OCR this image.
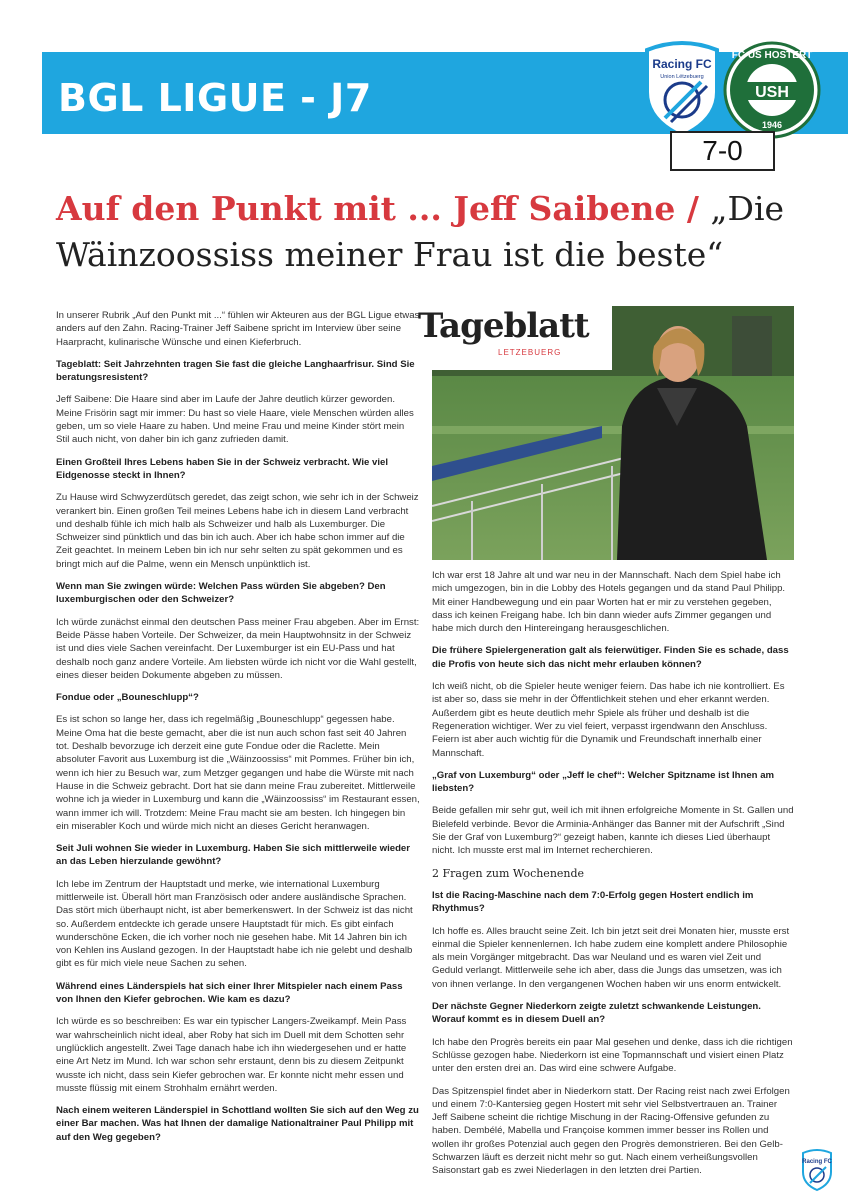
BGL LIGUE - J7
Racing FC
Union Lëtzebuerg
FC US HOSTERT
USH
1946
7-0
Auf den Punkt mit ... Jeff Saibene / „Die Wäinzoossiss meiner Frau ist die beste“
Tageblatt
LETZEBUERG

In unserer Rubrik „Auf den Punkt mit ...“ fühlen wir Akteuren aus der BGL Ligue etwas anders auf den Zahn. Racing-Trainer Jeff Saibene spricht im Interview über seine Haarpracht, kulinarische Wünsche und einen Kieferbruch.

Tageblatt: Seit Jahrzehnten tragen Sie fast die gleiche Langhaarfrisur. Sind Sie beratungsresistent?

Jeff Saibene: Die Haare sind aber im Laufe der Jahre deutlich kürzer geworden. Meine Frisörin sagt mir immer: Du hast so viele Haare, viele Menschen würden alles geben, um so viele Haare zu haben. Und meine Frau und meine Kinder stört mein Stil auch nicht, von daher bin ich ganz zufrieden damit.

Einen Großteil Ihres Lebens haben Sie in der Schweiz verbracht. Wie viel Eidgenosse steckt in Ihnen?

Zu Hause wird Schwyzerdütsch geredet, das zeigt schon, wie sehr ich in der Schweiz verankert bin. Einen großen Teil meines Lebens habe ich in diesem Land verbracht und deshalb fühle ich mich halb als Schweizer und halb als Luxemburger. Die Schweizer sind pünktlich und das bin ich auch. Aber ich habe schon immer auf die Zeit geachtet. In meinem Leben bin ich nur sehr selten zu spät gekommen und es bringt mich auf die Palme, wenn ein Mensch unpünktlich ist.

Wenn man Sie zwingen würde: Welchen Pass würden Sie abgeben? Den luxemburgischen oder den Schweizer?

Ich würde zunächst einmal den deutschen Pass meiner Frau abgeben. Aber im Ernst: Beide Pässe haben Vorteile. Der Schweizer, da mein Hauptwohnsitz in der Schweiz ist und dies viele Sachen vereinfacht. Der Luxemburger ist ein EU-Pass und hat deshalb noch ganz andere Vorteile. Am liebsten würde ich nicht vor die Wahl gestellt, eines dieser beiden Dokumente abgeben zu müssen.

Fondue oder „Bouneschlupp“?

Es ist schon so lange her, dass ich regelmäßig „Bouneschlupp“ gegessen habe. Meine Oma hat die beste gemacht, aber die ist nun auch schon fast seit 40 Jahren tot. Deshalb bevorzuge ich derzeit eine gute Fondue oder die Raclette. Mein absoluter Favorit aus Luxemburg ist die „Wäinzoossiss“ mit Pommes. Früher bin ich, wenn ich hier zu Besuch war, zum Metzger gegangen und habe die Würste mit nach Hause in die Schweiz gebracht. Dort hat sie dann meine Frau zubereitet. Mittlerweile wohne ich ja wieder in Luxemburg und kann die „Wäinzoossiss“ im Restaurant essen, wann immer ich will. Trotzdem: Meine Frau macht sie am besten. Ich hingegen bin ein miserabler Koch und würde mich nicht an dieses Gericht heranwagen.

Seit Juli wohnen Sie wieder in Luxemburg. Haben Sie sich mittlerweile wieder an das Leben hierzulande gewöhnt?

Ich lebe im Zentrum der Hauptstadt und merke, wie international Luxemburg mittlerweile ist. Überall hört man Französisch oder andere ausländische Sprachen. Das stört mich überhaupt nicht, ist aber bemerkenswert. In der Schweiz ist das nicht so. Außerdem entdeckte ich gerade unsere Hauptstadt für mich. Es gibt einfach wunderschöne Ecken, die ich vorher noch nie gesehen habe. Mit 14 Jahren bin ich von Kehlen ins Ausland gezogen. In der Hauptstadt habe ich nie gelebt und deshalb gibt es für mich viele neue Sachen zu sehen.

Während eines Länderspiels hat sich einer Ihrer Mitspieler nach einem Pass von Ihnen den Kiefer gebrochen. Wie kam es dazu?

Ich würde es so beschreiben: Es war ein typischer Langers-Zweikampf. Mein Pass war wahrscheinlich nicht ideal, aber Roby hat sich im Duell mit dem Schotten sehr unglücklich angestellt. Zwei Tage danach habe ich ihn wiedergesehen und er hatte eine Art Netz im Mund. Ich war schon sehr erstaunt, denn bis zu diesem Zeitpunkt wusste ich nicht, dass sein Kiefer gebrochen war. Er konnte nicht mehr essen und musste flüssig mit einem Strohhalm ernährt werden.

Nach einem weiteren Länderspiel in Schottland wollten Sie sich auf den Weg zu einer Bar machen. Was hat Ihnen der damalige Nationaltrainer Paul Philipp mit auf den Weg gegeben?

Ich war erst 18 Jahre alt und war neu in der Mannschaft. Nach dem Spiel habe ich mich umgezogen, bin in die Lobby des Hotels gegangen und da stand Paul Philipp. Mit einer Handbewegung und ein paar Worten hat er mir zu verstehen gegeben, dass ich keinen Freigang habe. Ich bin dann wieder aufs Zimmer gegangen und habe mich durch den Hintereingang herausgeschlichen.

Die frühere Spielergeneration galt als feierwütiger. Finden Sie es schade, dass die Profis von heute sich das nicht mehr erlauben können?

Ich weiß nicht, ob die Spieler heute weniger feiern. Das habe ich nie kontrolliert. Es ist aber so, dass sie mehr in der Öffentlichkeit stehen und eher erkannt werden. Außerdem gibt es heute deutlich mehr Spiele als früher und deshalb ist die Regeneration wichtiger. Wer zu viel feiert, verpasst irgendwann den Anschluss. Feiern ist aber auch wichtig für die Dynamik und Freundschaft innerhalb einer Mannschaft.

„Graf von Luxemburg“ oder „Jeff le chef“: Welcher Spitzname ist Ihnen am liebsten?

Beide gefallen mir sehr gut, weil ich mit ihnen erfolgreiche Momente in St. Gallen und Bielefeld verbinde. Bevor die Arminia-Anhänger das Banner mit der Aufschrift „Sind Sie der Graf von Luxemburg?“ gezeigt haben, kannte ich dieses Lied überhaupt nicht. Ich musste erst mal im Internet recherchieren.

2 Fragen zum Wochenende

Ist die Racing-Maschine nach dem 7:0-Erfolg gegen Hostert endlich im Rhythmus?

Ich hoffe es. Alles braucht seine Zeit. Ich bin jetzt seit drei Monaten hier, musste erst einmal die Spieler kennenlernen. Ich habe zudem eine komplett andere Philosophie als mein Vorgänger mitgebracht. Das war Neuland und es waren viel Zeit und Geduld verlangt. Mittlerweile sehe ich aber, dass die Jungs das umsetzen, was ich von ihnen verlange. In den vergangenen Wochen haben wir uns enorm entwickelt.

Der nächste Gegner Niederkorn zeigte zuletzt schwankende Leistungen. Worauf kommt es in diesem Duell an?

Ich habe den Progrès bereits ein paar Mal gesehen und denke, dass ich die richtigen Schlüsse gezogen habe. Niederkorn ist eine Topmannschaft und visiert einen Platz unter den ersten drei an. Das wird eine schwere Aufgabe.

Das Spitzenspiel findet aber in Niederkorn statt. Der Racing reist nach zwei Erfolgen und einem 7:0-Kantersieg gegen Hostert mit sehr viel Selbstvertrauen an. Trainer Jeff Saibene scheint die richtige Mischung in der Racing-Offensive gefunden zu haben. Dembélé, Mabella und Françoise kommen immer besser ins Rollen und wollen ihr großes Potenzial auch gegen den Progrès demonstrieren. Bei den Gelb-Schwarzen läuft es derzeit nicht mehr so gut. Nach einem verheißungsvollen Saisonstart gab es zwei Niederlagen in den letzten drei Partien.

Racing FC
